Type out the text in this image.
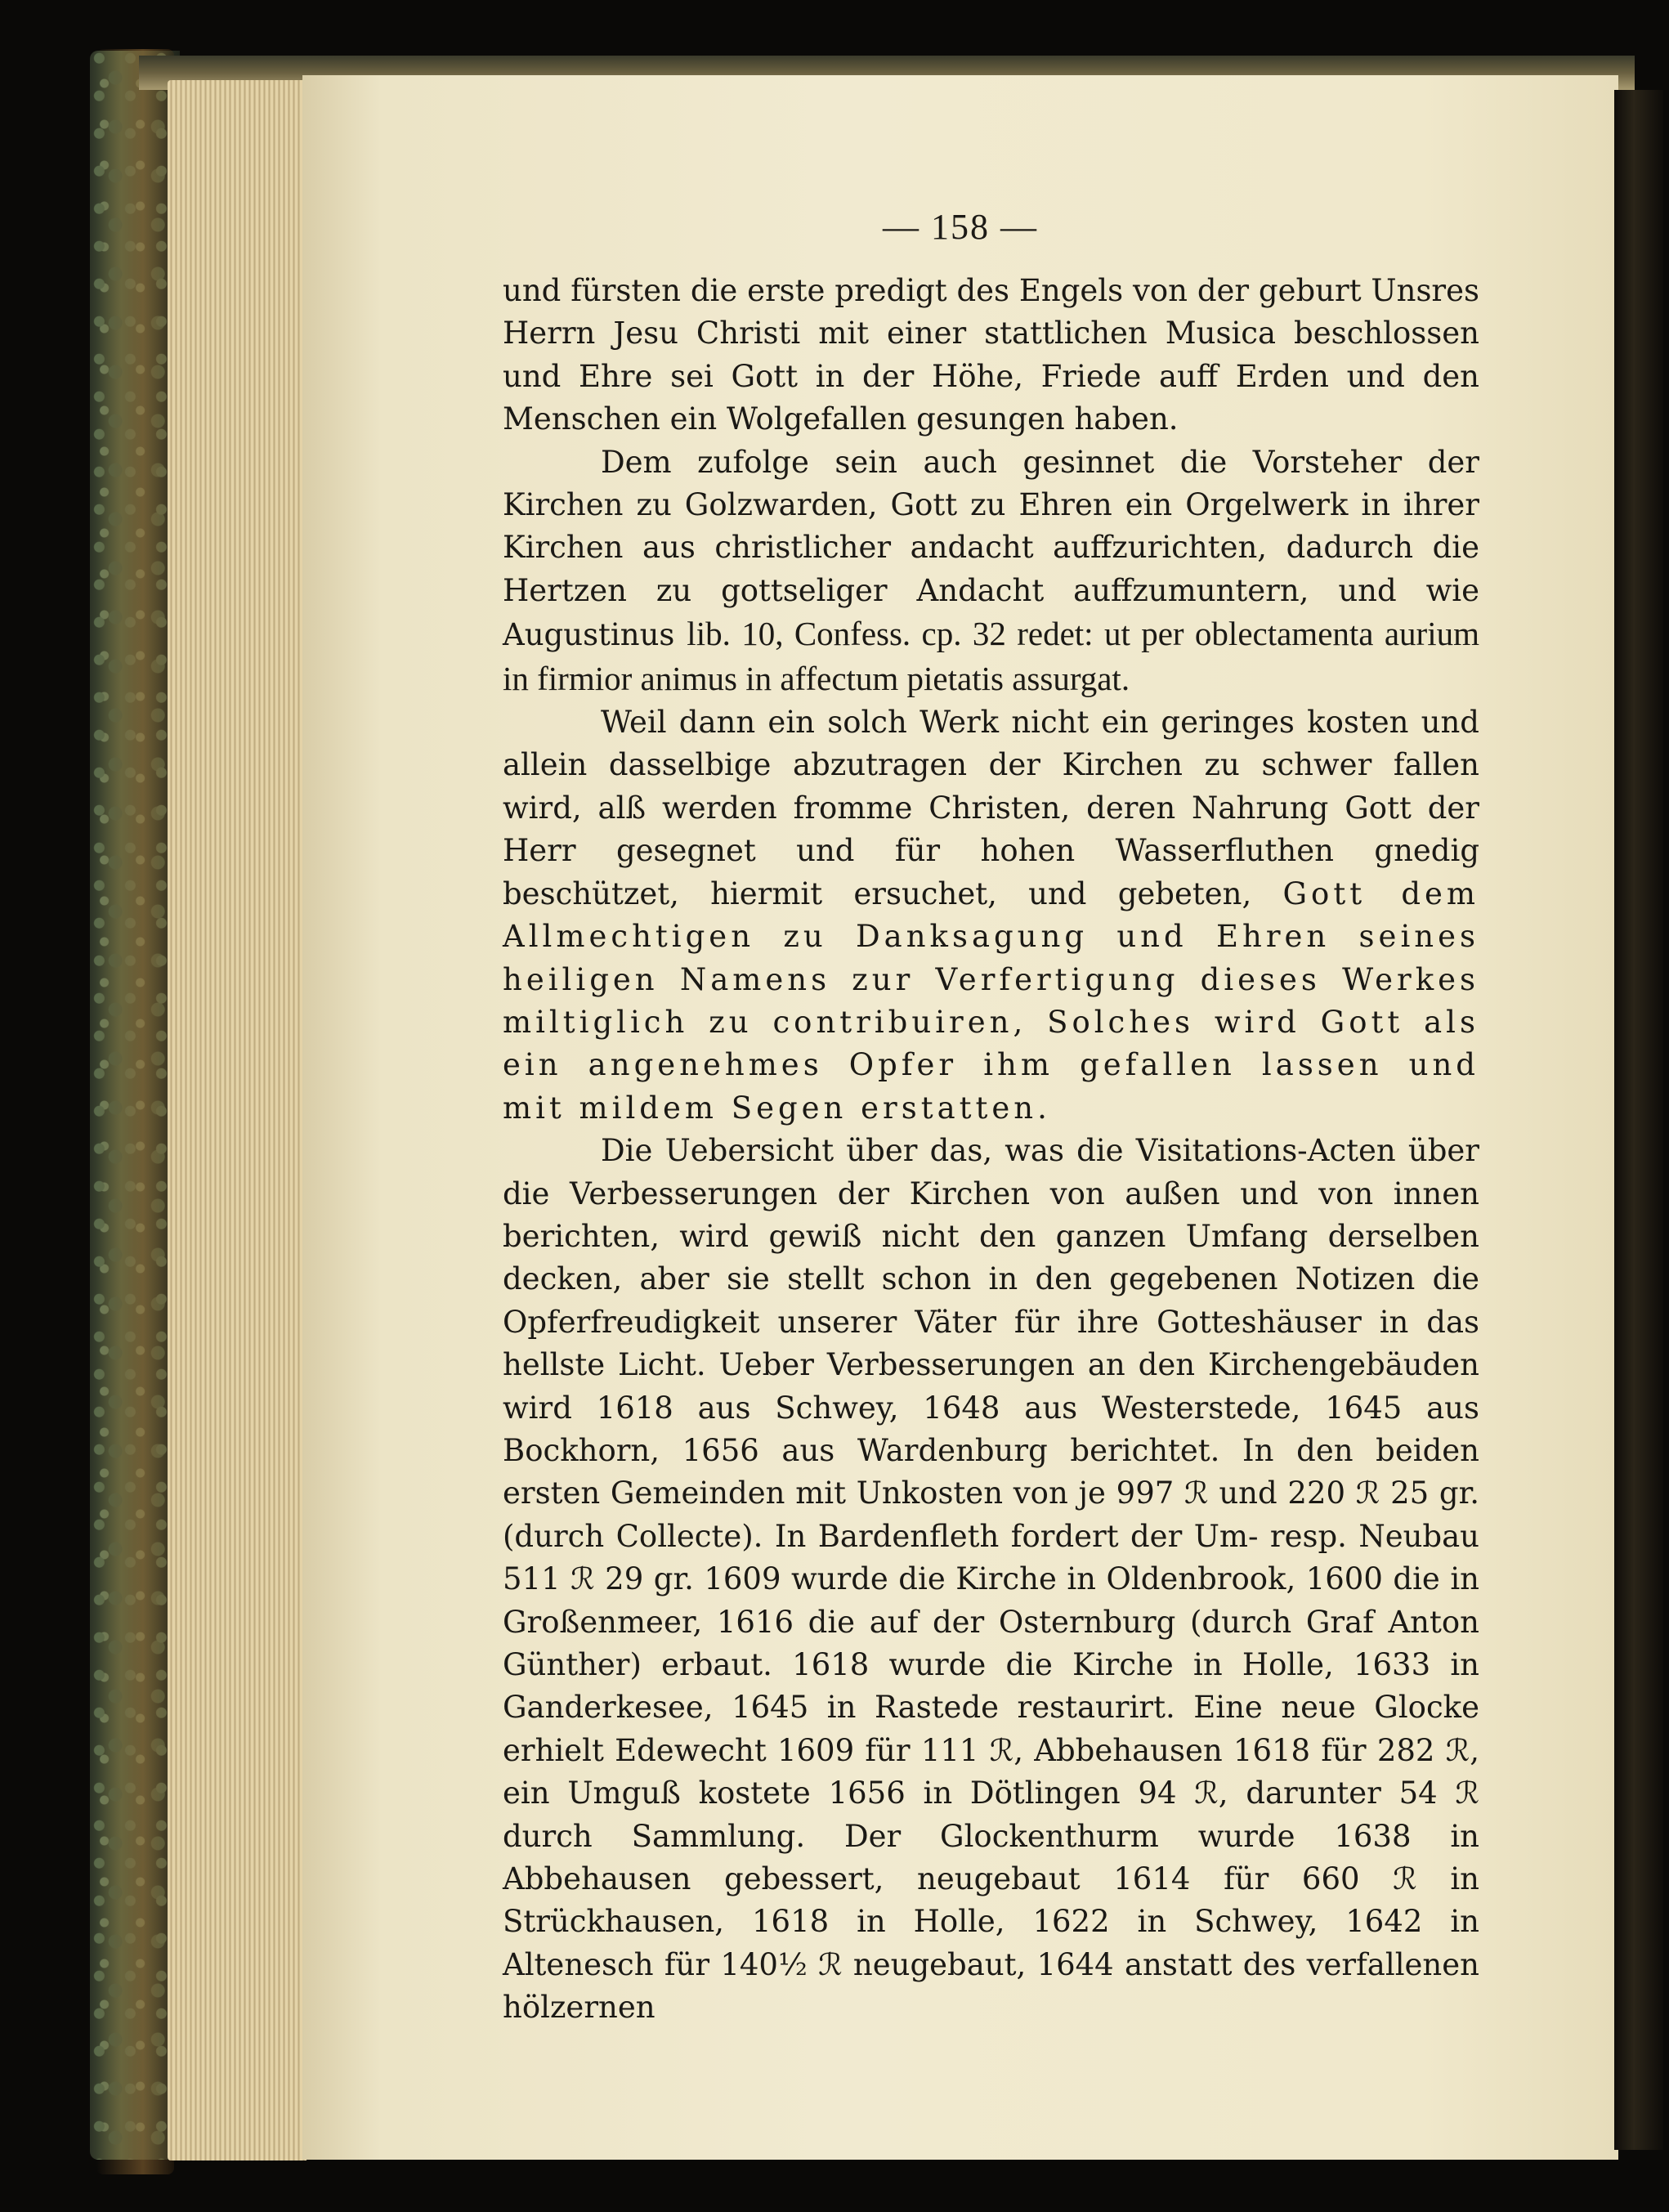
— 158 —

und fürsten die erste predigt des Engels von der geburt Unsres Herrn Jesu Christi mit einer stattlichen Musica beschlossen und Ehre sei Gott in der Höhe, Friede auff Erden und den Menschen ein Wolgefallen gesungen haben.

Dem zufolge sein auch gesinnet die Vorsteher der Kirchen zu Golzwarden, Gott zu Ehren ein Orgelwerk in ihrer Kirchen aus christlicher andacht auffzurichten, dadurch die Hertzen zu gottseliger Andacht auffzumuntern, und wie Augustinus lib. 10, Confess. cp. 32 redet: ut per oblectamenta aurium in firmior animus in affectum pietatis assurgat.

Weil dann ein solch Werk nicht ein geringes kosten und allein dasselbige abzutragen der Kirchen zu schwer fallen wird, alß werden fromme Christen, deren Nahrung Gott der Herr gesegnet und für hohen Wasserfluthen gnedig beschützet, hiermit ersuchet, und gebeten, Gott dem Allmechtigen zu Danksagung und Ehren seines heiligen Namens zur Verfertigung dieses Werkes miltiglich zu contribuiren, Solches wird Gott als ein angenehmes Opfer ihm gefallen lassen und mit mildem Segen erstatten.

Die Uebersicht über das, was die Visitations-Acten über die Verbesserungen der Kirchen von außen und von innen berichten, wird gewiß nicht den ganzen Umfang derselben decken, aber sie stellt schon in den gegebenen Notizen die Opferfreudigkeit unserer Väter für ihre Gotteshäuser in das hellste Licht. Ueber Verbesserungen an den Kirchengebäuden wird 1618 aus Schwey, 1648 aus Westerstede, 1645 aus Bockhorn, 1656 aus Wardenburg berichtet. In den beiden ersten Gemeinden mit Unkosten von je 997 ℛ und 220 ℛ 25 gr. (durch Collecte). In Bardenfleth fordert der Um- resp. Neubau 511 ℛ 29 gr. 1609 wurde die Kirche in Oldenbrook, 1600 die in Großenmeer, 1616 die auf der Osternburg (durch Graf Anton Günther) erbaut. 1618 wurde die Kirche in Holle, 1633 in Ganderkesee, 1645 in Rastede restaurirt. Eine neue Glocke erhielt Edewecht 1609 für 111 ℛ, Abbehausen 1618 für 282 ℛ, ein Umguß kostete 1656 in Dötlingen 94 ℛ, darunter 54 ℛ durch Sammlung. Der Glockenthurm wurde 1638 in Abbehausen gebessert, neugebaut 1614 für 660 ℛ in Strückhausen, 1618 in Holle, 1622 in Schwey, 1642 in Altenesch für 140½ ℛ neugebaut, 1644 anstatt des verfallenen hölzernen
